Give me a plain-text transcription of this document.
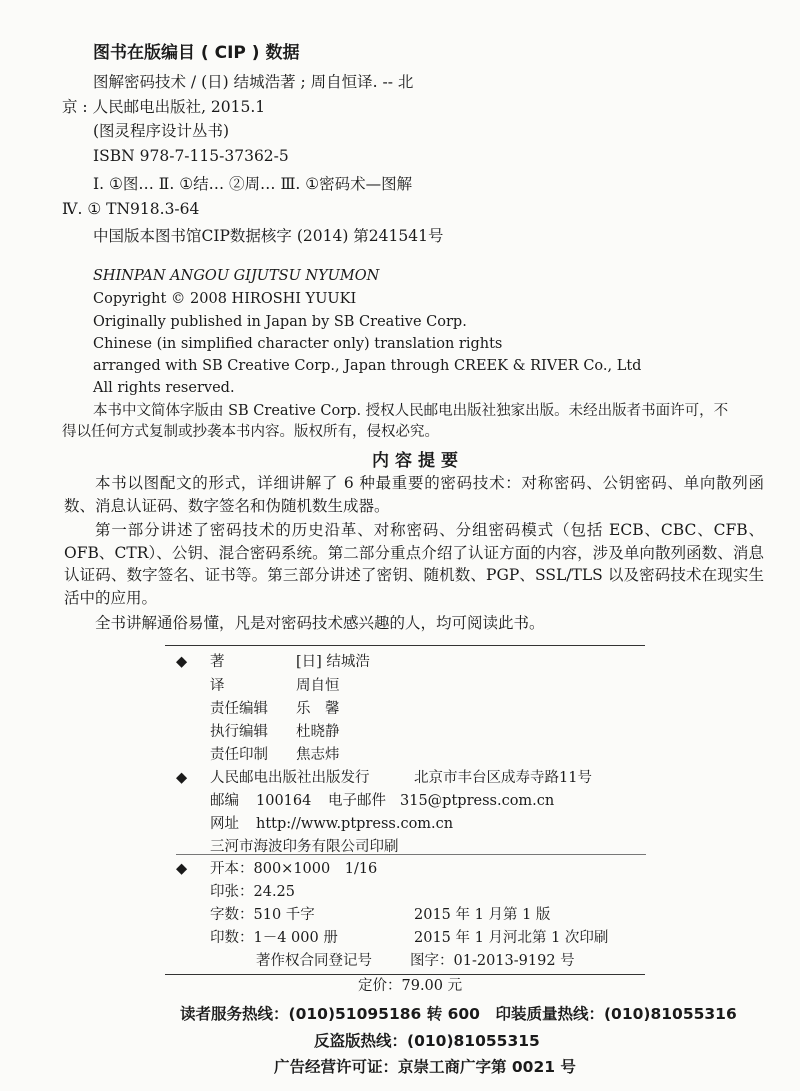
图书在版编目 ( CIP ) 数据
图解密码技术 / (日) 结城浩著 ; 周自恒译. -- 北
京 : 人民邮电出版社, 2015.1
(图灵程序设计丛书)
ISBN 978-7-115-37362-5
Ⅰ. ①图… Ⅱ. ①结… ②周… Ⅲ. ①密码术—图解
Ⅳ. ① TN918.3-64
中国版本图书馆CIP数据核字 (2014) 第241541号
SHINPAN ANGOU GIJUTSU NYUMON
Copyright © 2008 HIROSHI YUUKI
Originally published in Japan by SB Creative Corp.
Chinese (in simplified character only) translation rights
arranged with SB Creative Corp., Japan through CREEK & RIVER Co., Ltd
All rights reserved.
本书中文简体字版由 SB Creative Corp. 授权人民邮电出版社独家出版。未经出版者书面许可，不
得以任何方式复制或抄袭本书内容。版权所有，侵权必究。
内容提要
本书以图配文的形式，详细讲解了 6 种最重要的密码技术：对称密码、公钥密码、单向散列函数、消息认证码、数字签名和伪随机数生成器。
第一部分讲述了密码技术的历史沿革、对称密码、分组密码模式（包括 ECB、CBC、CFB、OFB、CTR）、公钥、混合密码系统。第二部分重点介绍了认证方面的内容，涉及单向散列函数、消息认证码、数字签名、证书等。第三部分讲述了密钥、随机数、PGP、SSL/TLS 以及密码技术在现实生活中的应用。
全书讲解通俗易懂，凡是对密码技术感兴趣的人，均可阅读此书。
◆ 著	[日] 结城浩
译	周自恒
责任编辑 乐　馨
执行编辑 杜晓静
责任印制 焦志炜
◆ 人民邮电出版社出版发行	北京市丰台区成寿寺路11号
邮编 100164 电子邮件 315@ptpress.com.cn
网址 http://www.ptpress.com.cn
三河市海波印务有限公司印刷
◆ 开本：800×1000　1/16
印张：24.25
字数：510 千字	2015 年 1 月第 1 版
印数：1－4 000 册	2015 年 1 月河北第 1 次印刷
著作权合同登记号	图字：01-2013-9192 号
定价：79.00 元
读者服务热线：(010)51095186 转 600　印装质量热线：(010)81055316
反盗版热线：(010)81055315
广告经营许可证：京崇工商广字第 0021 号
